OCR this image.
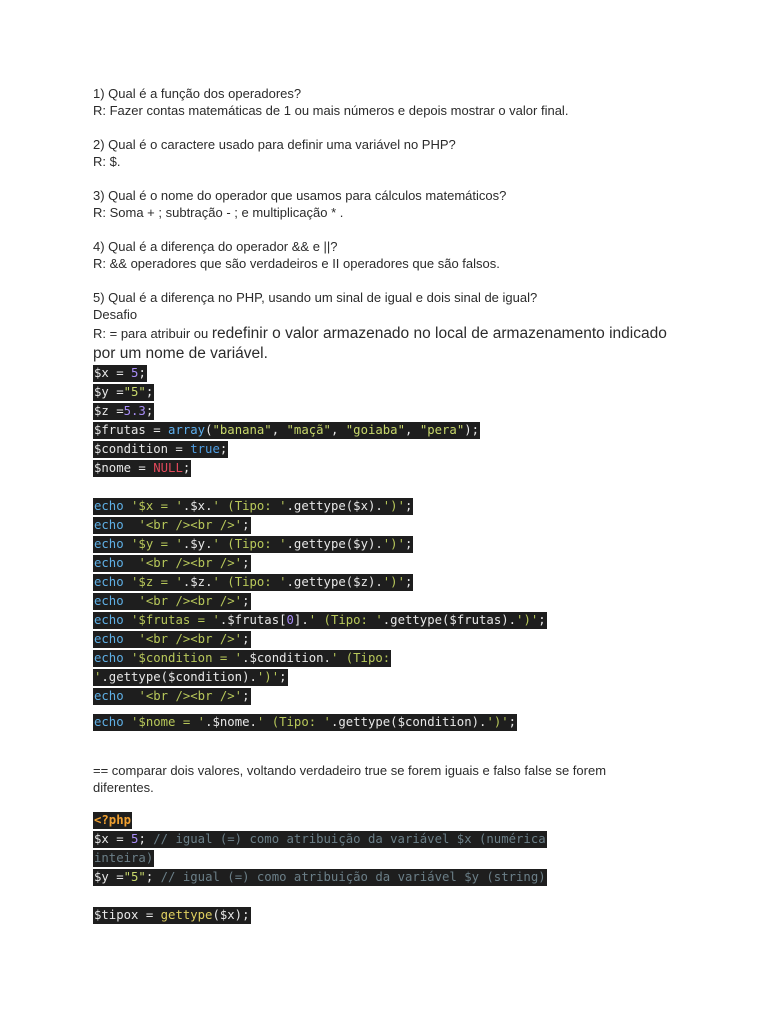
1) Qual é a função dos operadores?

R: Fazer contas matemáticas de 1 ou mais números e depois mostrar o valor final.

2) Qual é o caractere usado para definir uma variável no PHP?

R: $.

3) Qual é o nome do operador que usamos para cálculos matemáticos?

R: Soma + ; subtração - ; e multiplicação * .

4) Qual é a diferença do operador && e ||?

R: && operadores que são verdadeiros e II operadores que são falsos.

5) Qual é a diferença no PHP, usando um sinal de igual e dois sinal de igual?

Desafio

R: = para atribuir ou redefinir o valor armazenado no local de armazenamento indicado

por um nome de variável.

$x = 5;
$y ="5";
$z =5.3;
$frutas = array("banana", "maçã", "goiaba", "pera");
$condition = true;
$nome = NULL;
echo '$x = '.$x.' (Tipo: '.gettype($x).')';
echo '<br /><br />';
echo '$y = '.$y.' (Tipo: '.gettype($y).')';
echo '<br /><br />';
echo '$z = '.$z.' (Tipo: '.gettype($z).')';
echo '<br /><br />';
echo '$frutas = '.$frutas[0].' (Tipo: '.gettype($frutas).')';
echo '<br /><br />';
echo '$condition = '.$condition.' (Tipo:
'.gettype($condition).')';
echo '<br /><br />';
echo '$nome = '.$nome.' (Tipo: '.gettype($condition).')';

== comparar dois valores, voltando verdadeiro true se forem iguais e falso false se forem

diferentes.

<?php
$x = 5; // igual (=) como atribuição da variável $x (numérica
inteira)
$y ="5"; // igual (=) como atribuição da variável $y (string)
$tipox = gettype($x);
